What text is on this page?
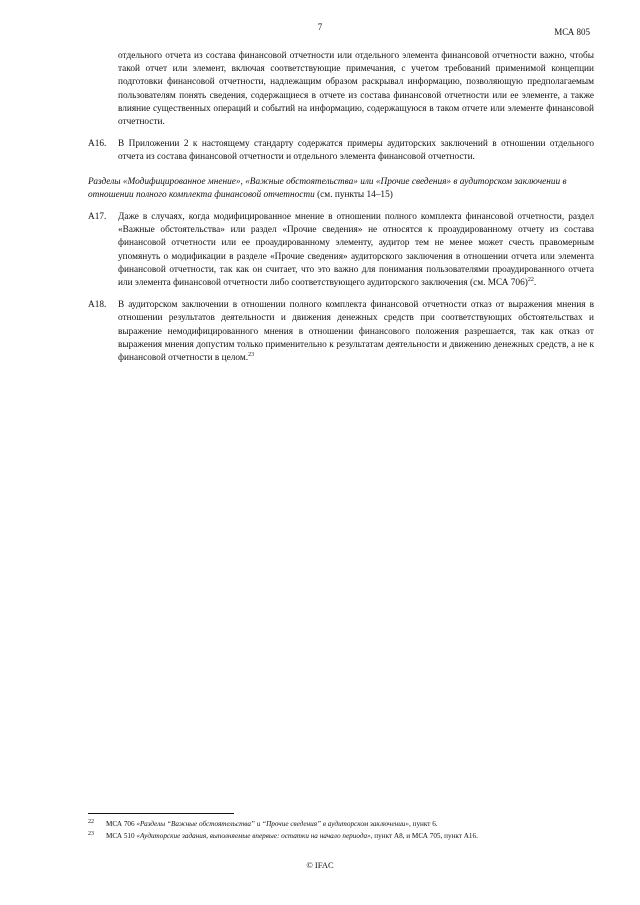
7	МСА 805
отдельного отчета из состава финансовой отчетности или отдельного элемента финансовой отчетности важно, чтобы такой отчет или элемент, включая соответствующие примечания, с учетом требований применимой концепции подготовки финансовой отчетности, надлежащим образом раскрывал информацию, позволяющую предполагаемым пользователям понять сведения, содержащиеся в отчете из состава финансовой отчетности или ее элементе, а также влияние существенных операций и событий на информацию, содержащуюся в таком отчете или элементе финансовой отчетности.
A16. В Приложении 2 к настоящему стандарту содержатся примеры аудиторских заключений в отношении отдельного отчета из состава финансовой отчетности и отдельного элемента финансовой отчетности.
Разделы «Модифицированное мнение», «Важные обстоятельства» или «Прочие сведения» в аудиторском заключении в отношении полного комплекта финансовой отчетности (см. пункты 14–15)
A17. Даже в случаях, когда модифицированное мнение в отношении полного комплекта финансовой отчетности, раздел «Важные обстоятельства» или раздел «Прочие сведения» не относятся к проаудированному отчету из состава финансовой отчетности или ее проаудированному элементу, аудитор тем не менее может счесть правомерным упомянуть о модификации в разделе «Прочие сведения» аудиторского заключения в отношении отчета или элемента финансовой отчетности, так как он считает, что это важно для понимания пользователями проаудированного отчета или элемента финансовой отчетности либо соответствующего аудиторского заключения (см. МСА 706)$^{22}$.
A18. В аудиторском заключении в отношении полного комплекта финансовой отчетности отказ от выражения мнения в отношении результатов деятельности и движения денежных средств при соответствующих обстоятельствах и выражение немодифицированного мнения в отношении финансового положения разрешается, так как отказ от выражения мнения допустим только применительно к результатам деятельности и движению денежных средств, а не к финансовой отчетности в целом.$^{23}$
22 МСА 706 «Разделы “Важные обстоятельства” и “Прочие сведения” в аудиторском заключении», пункт 6.
23 МСА 510 «Аудиторские задания, выполняемые впервые: остатки на начало периода», пункт A8, и МСА 705, пункт A16.
© IFAC
